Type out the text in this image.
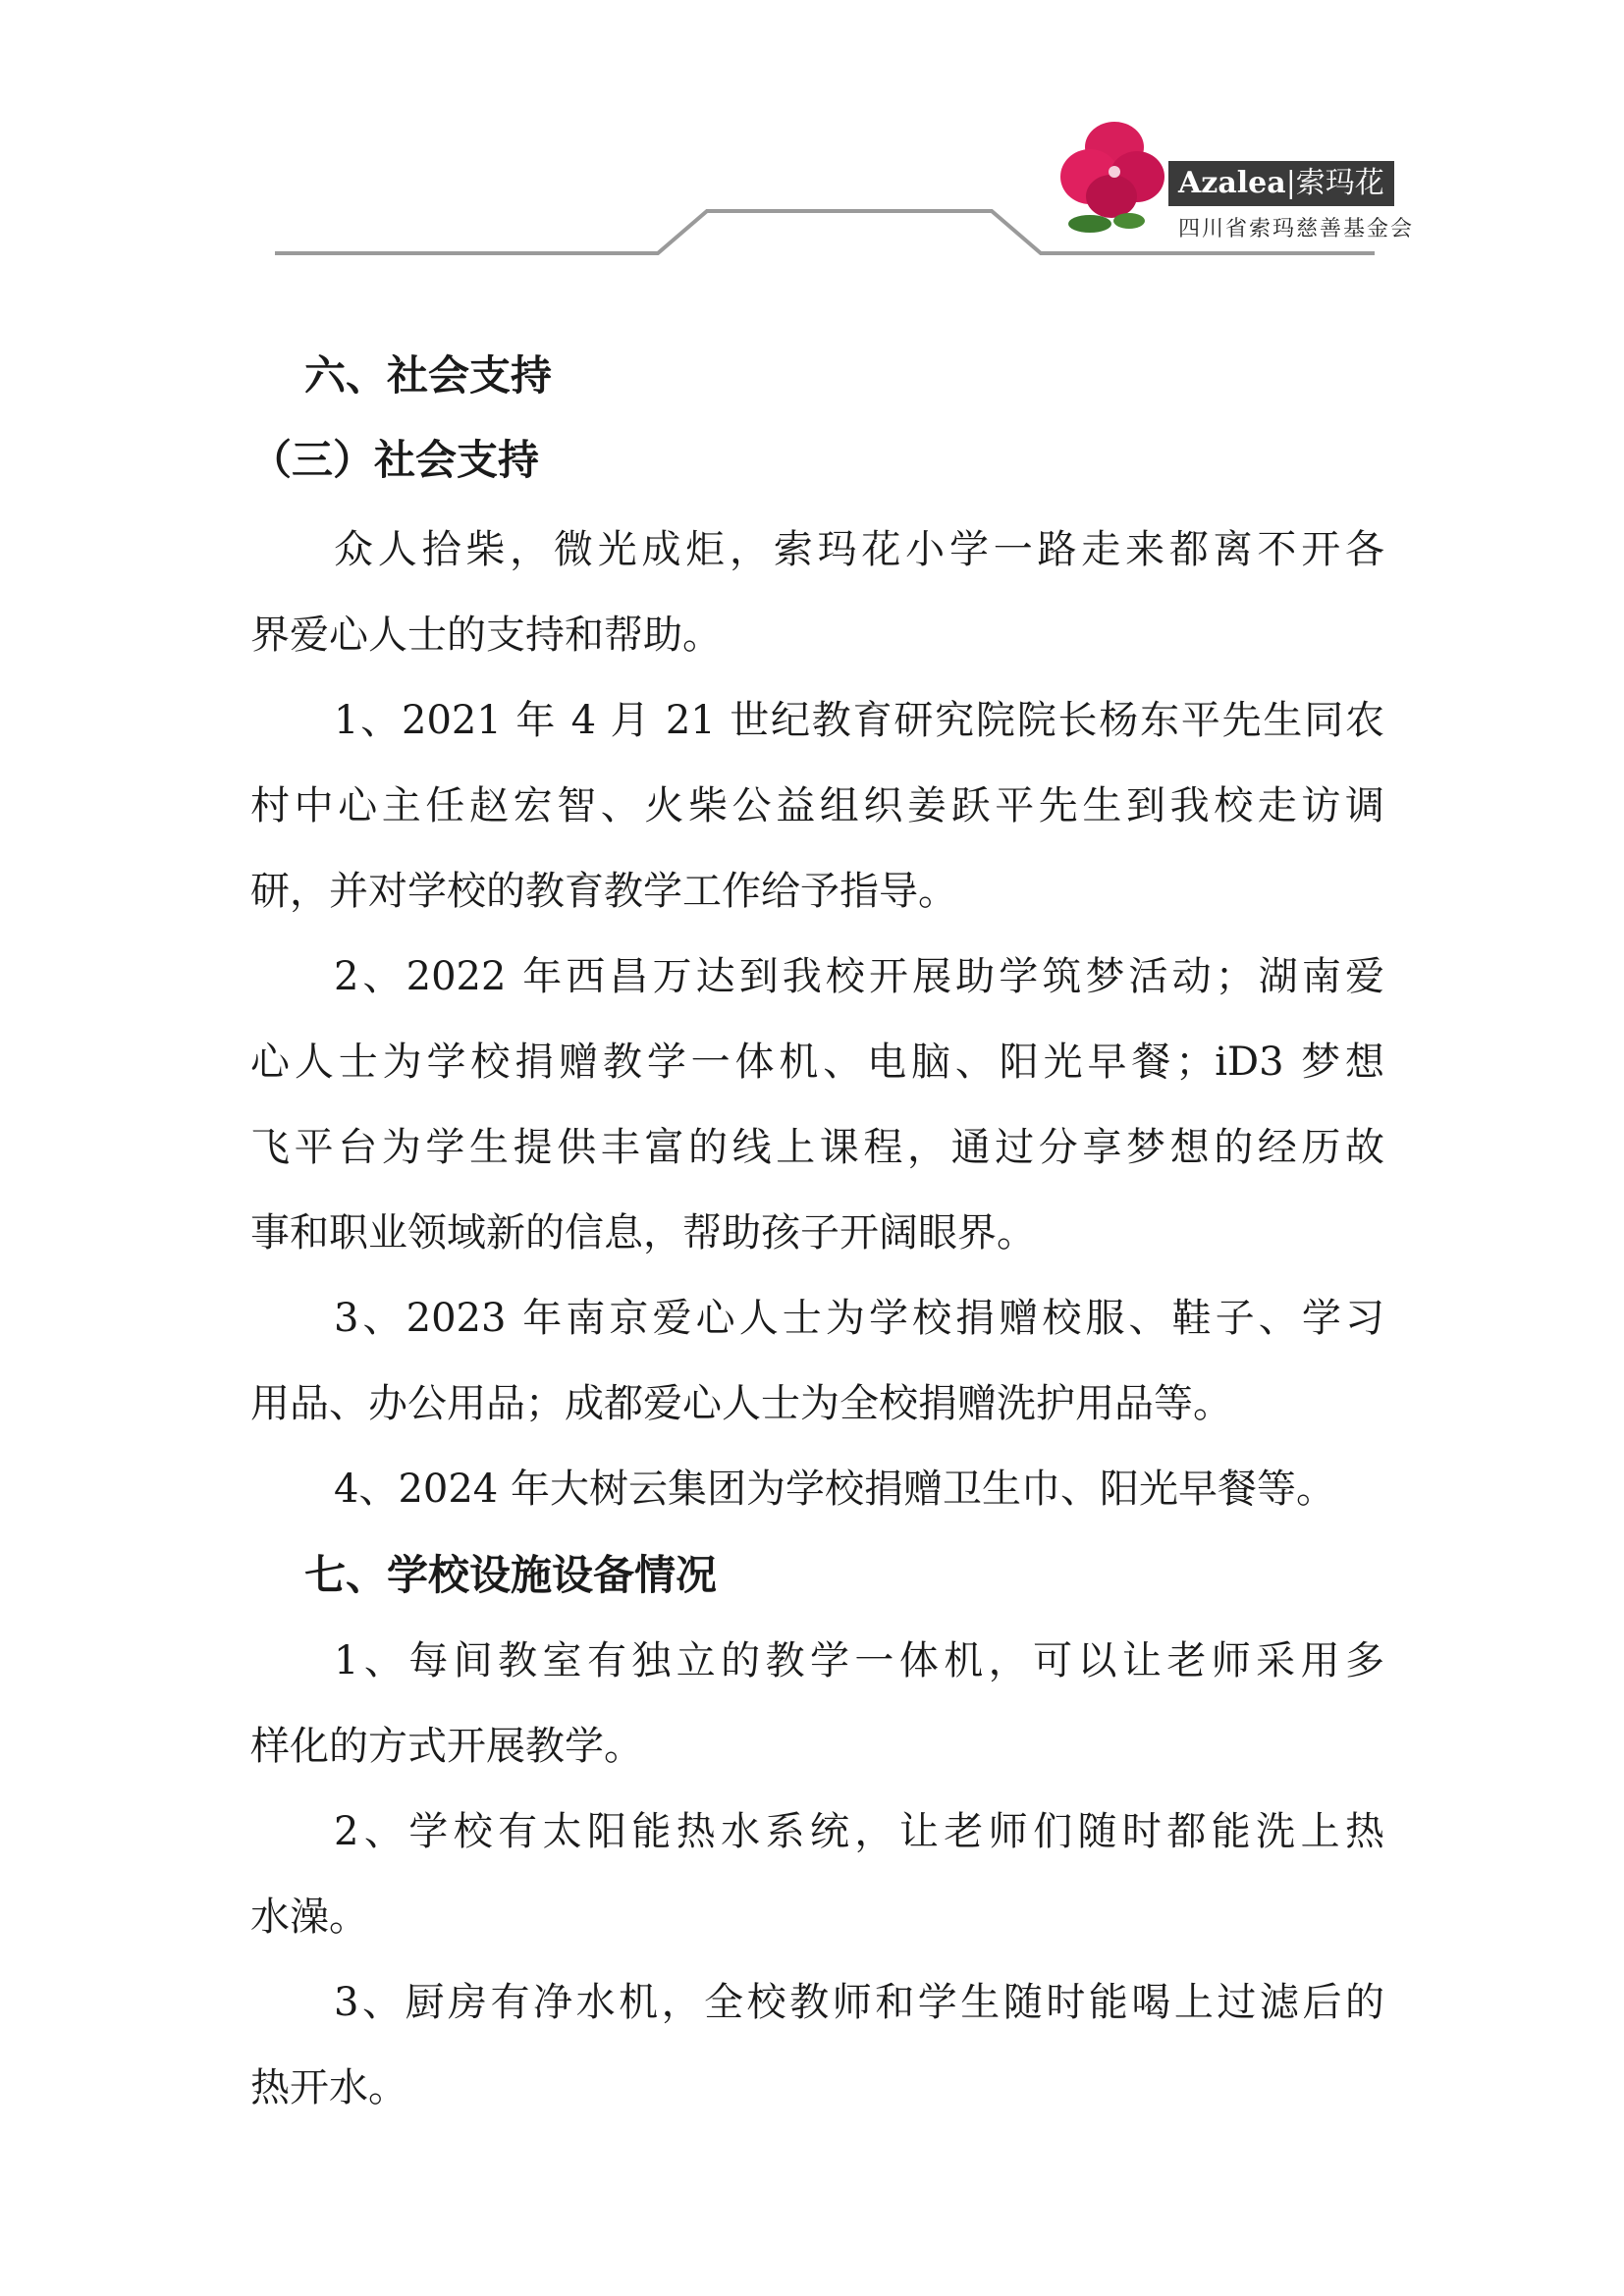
Azalea|索玛花
四川省索玛慈善基金会
六、社会支持
（三）社会支持
众人拾柴，微光成炬，索玛花小学一路走来都离不开各
界爱心人士的支持和帮助。
1、2021 年 4 月 21 世纪教育研究院院长杨东平先生同农
村中心主任赵宏智、火柴公益组织姜跃平先生到我校走访调
研，并对学校的教育教学工作给予指导。
2、2022 年西昌万达到我校开展助学筑梦活动；湖南爱
心人士为学校捐赠教学一体机、电脑、阳光早餐；iD3 梦想
飞平台为学生提供丰富的线上课程，通过分享梦想的经历故
事和职业领域新的信息，帮助孩子开阔眼界。
3、2023 年南京爱心人士为学校捐赠校服、鞋子、学习
用品、办公用品；成都爱心人士为全校捐赠洗护用品等。
4、2024 年大树云集团为学校捐赠卫生巾、阳光早餐等。
七、学校设施设备情况
1、每间教室有独立的教学一体机，可以让老师采用多
样化的方式开展教学。
2、学校有太阳能热水系统，让老师们随时都能洗上热
水澡。
3、厨房有净水机，全校教师和学生随时能喝上过滤后的
热开水。
